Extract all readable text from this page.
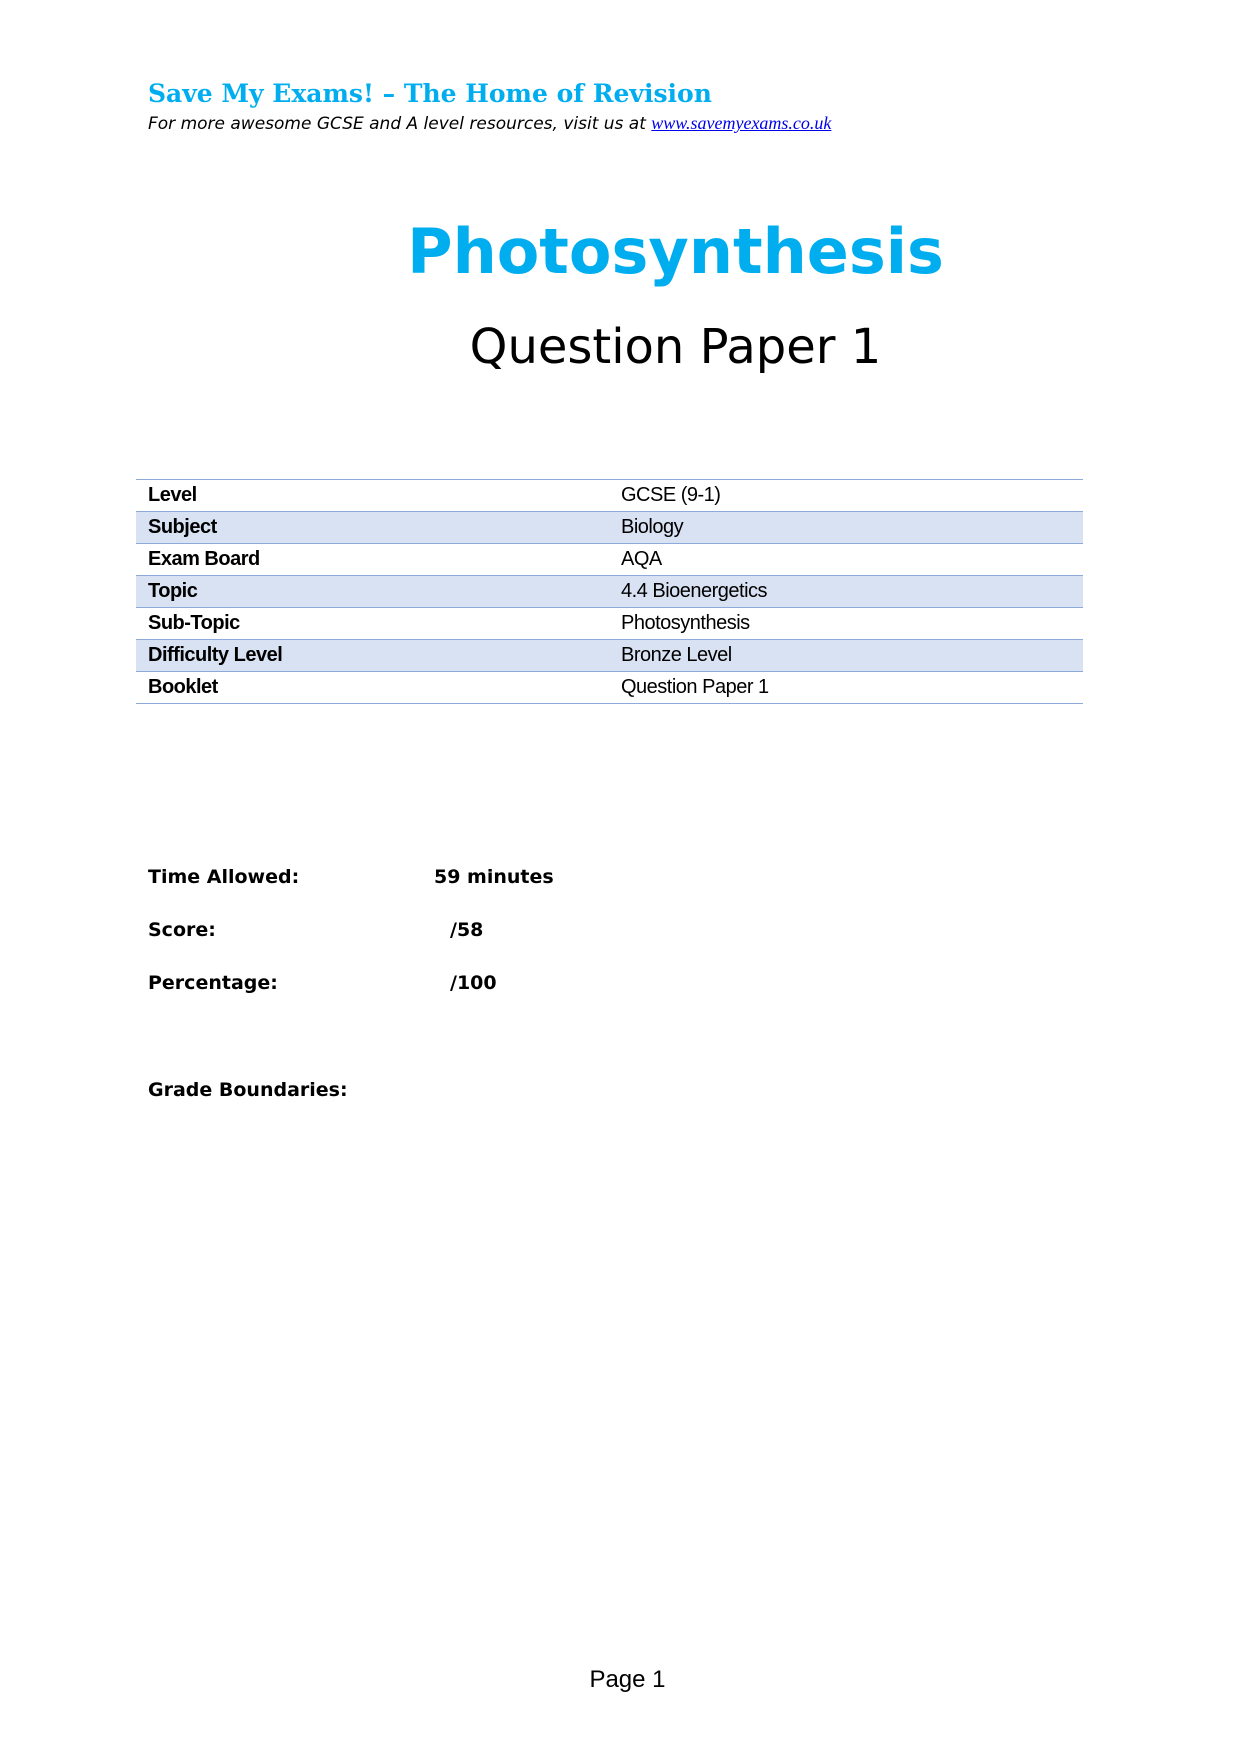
Save My Exams! – The Home of Revision
For more awesome GCSE and A level resources, visit us at www.savemyexams.co.uk
Photosynthesis
Question Paper 1
Level	GCSE (9-1)
Subject	Biology
Exam Board	AQA
Topic	4.4 Bioenergetics
Sub-Topic	Photosynthesis
Difficulty Level	Bronze Level
Booklet	Question Paper 1
Time Allowed:	59 minutes
Score:	/58
Percentage:	/100
Grade Boundaries:
Page 1
